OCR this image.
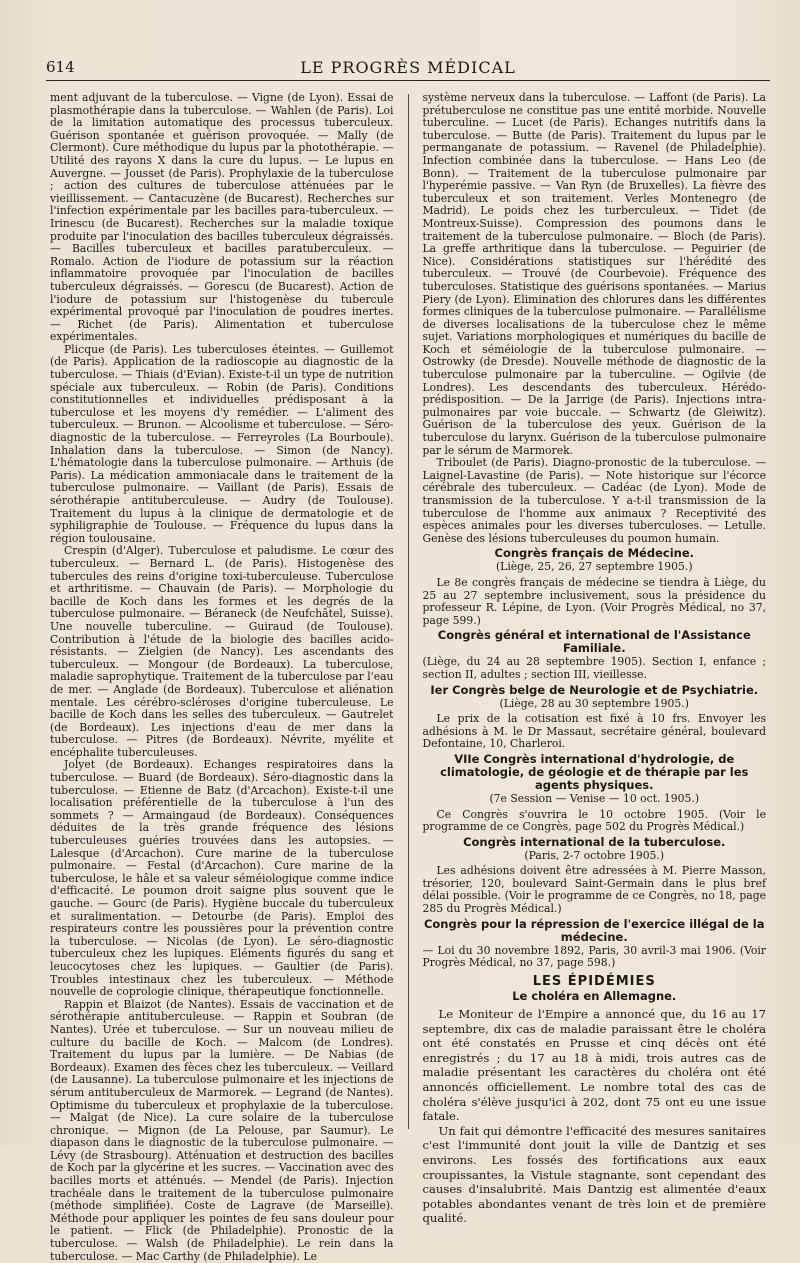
614	LE PROGRÈS MÉDICAL

ment adjuvant de la tuberculose. — Vigne (de Lyon). Essai de plasmothérapie dans la tuberculose. — Wahlen (de Paris). Loi de la limitation automatique des processus tuberculeux. Guérison spontanée et guérison provoquée. — Mally (de Clermont). Cure méthodique du lupus par la photothérapie. — Utilité des rayons X dans la cure du lupus. — Le lupus en Auvergne. — Jousset (de Paris). Prophylaxie de la tuberculose ; action des cultures de tuberculose atténuées par le vieillissement. — Cantacuzène (de Bucarest). Recherches sur l'infection expérimentale par les bacilles para-tuberculeux. — Irinescu (de Bucarest). Recherches sur la maladie toxique produite par l'inoculation des bacilles tuberculeux dégraissés. — Bacilles tuberculeux et bacilles paratuberculeux. — Romalo. Action de l'iodure de potassium sur la réaction inflammatoire provoquée par l'inoculation de bacilles tuberculeux dégraissés. — Gorescu (de Bucarest). Action de l'iodure de potassium sur l'histogenèse du tubercule expérimental provoqué par l'inoculation de poudres inertes. — Richet (de Paris). Alimentation et tuberculose expérimentales.

Plicque (de Paris). Les tuberculoses éteintes. — Guillemot (de Paris). Application de la radioscopie au diagnostic de la tuberculose. — Thiais (d'Evian). Existe-t-il un type de nutrition spéciale aux tuberculeux. — Robin (de Paris). Conditions constitutionnelles et individuelles prédisposant à la tuberculose et les moyens d'y remédier. — L'aliment des tuberculeux. — Brunon. — Alcoolisme et tuberculose. — Séro-diagnostic de la tuberculose. — Ferreyroles (La Bourboule). Inhalation dans la tuberculose. — Simon (de Nancy). L'hématologie dans la tuberculose pulmonaire. — Arthuis (de Paris). La médication ammoniacale dans le traitement de la tuberculose pulmonaire. — Vaillant (de Paris). Essais de sérothérapie antituberculeuse. — Audry (de Toulouse). Traitement du lupus à la clinique de dermatologie et de syphiligraphie de Toulouse. — Fréquence du lupus dans la région toulousaine.

Crespin (d'Alger). Tuberculose et paludisme. Le cœur des tuberculeux. — Bernard L. (de Paris). Histogenèse des tubercules des reins d'origine toxi-tuberculeuse. Tuberculose et arthritisme. — Chauvain (de Paris). — Morphologie du bacille de Koch dans les formes et les degrés de la tuberculose pulmonaire. — Béraneck (de Neufchâtel, Suisse). Une nouvelle tuberculine. — Guiraud (de Toulouse). Contribution à l'étude de la biologie des bacilles acido-résistants. — Zielgien (de Nancy). Les ascendants des tuberculeux. — Mongour (de Bordeaux). La tuberculose, maladie saprophytique. Traitement de la tuberculose par l'eau de mer. — Anglade (de Bordeaux). Tuberculose et aliénation mentale. Les cérébro-scléroses d'origine tuberculeuse. Le bacille de Koch dans les selles des tuberculeux. — Gautrelet (de Bordeaux). Les injections d'eau de mer dans la tuberculose. — Pitres (de Bordeaux). Névrite, myélite et encéphalite tuberculeuses.

Jolyet (de Bordeaux). Echanges respiratoires dans la tuberculose. — Buard (de Bordeaux). Séro-diagnostic dans la tuberculose. — Etienne de Batz (d'Arcachon). Existe-t-il une localisation préférentielle de la tuberculose à l'un des sommets ? — Armaingaud (de Bordeaux). Conséquences déduites de la très grande fréquence des lésions tuberculeuses guéries trouvées dans les autopsies. — Lalesque (d'Arcachon). Cure marine de la tuberculose pulmonaire. — Festal (d'Arcachon). Cure marine de la tuberculose, le hâle et sa valeur séméiologique comme indice d'efficacité. Le poumon droit saigne plus souvent que le gauche. — Gourc (de Paris). Hygiène buccale du tuberculeux et suralimentation. — Detourbe (de Paris). Emploi des respirateurs contre les poussières pour la prévention contre la tuberculose. — Nicolas (de Lyon). Le séro-diagnostic tuberculeux chez les lupiques. Eléments figurés du sang et leucocytoses chez les lupiques. — Gaultier (de Paris). Troubles intestinaux chez les tuberculeux. — Méthode nouvelle de coprologie clinique, thérapeutique fonctionnelle.

Rappin et Blaizot (de Nantes). Essais de vaccination et de sérothérapie antituberculeuse. — Rappin et Soubran (de Nantes). Urée et tuberculose. — Sur un nouveau milieu de culture du bacille de Koch. — Malcom (de Londres). Traitement du lupus par la lumière. — De Nabias (de Bordeaux). Examen des fèces chez les tuberculeux. — Veillard (de Lausanne). La tuberculose pulmonaire et les injections de sérum antituberculeux de Marmorek. — Legrand (de Nantes). Optimisme du tuberculeux et prophylaxie de la tuberculose. — Malgat (de Nice). La cure solaire de la tuberculose chronique. — Mignon (de La Pelouse, par Saumur). Le diapason dans le diagnostic de la tuberculose pulmonaire. — Lévy (de Strasbourg). Atténuation et destruction des bacilles de Koch par la glycérine et les sucres. — Vaccination avec des bacilles morts et atténués. — Mendel (de Paris). Injection trachéale dans le traitement de la tuberculose pulmonaire (méthode simplifiée). Coste de Lagrave (de Marseille). Méthode pour appliquer les pointes de feu sans douleur pour le patient. — Flick (de Philadelphie). Pronostic de la tuberculose. — Walsh (de Philadelphie). Le rein dans la tuberculose. — Mac Carthy (de Philadelphie). Le

système nerveux dans la tuberculose. — Laffont (de Paris). La prétuberculose ne constitue pas une entité morbide. Nouvelle tuberculine. — Lucet (de Paris). Echanges nutritifs dans la tuberculose. — Butte (de Paris). Traitement du lupus par le permanganate de potassium. — Ravenel (de Philadelphie). Infection combinée dans la tuberculose. — Hans Leo (de Bonn). — Traitement de la tuberculose pulmonaire par l'hyperémie passive. — Van Ryn (de Bruxelles). La fièvre des tuberculeux et son traitement. Verles Montenegro (de Madrid). Le poids chez les turberculeux. — Tidet (de Montreux-Suisse). Compression des poumons dans le traitement de la tuberculose pulmonaire. — Bloch (de Paris). La greffe arthritique dans la tuberculose. — Peguirier (de Nice). Considérations statistiques sur l'hérédité des tuberculeux. — Trouvé (de Courbevoie). Fréquence des tuberculoses. Statistique des guérisons spontanées. — Marius Piery (de Lyon). Elimination des chlorures dans les différentes formes cliniques de la tuberculose pulmonaire. — Parallélisme de diverses localisations de la tuberculose chez le même sujet. Variations morphologiques et numériques du bacille de Koch et séméiologie de la tuberculose pulmonaire. — Ostrowky (de Dresde). Nouvelle méthode de diagnostic de la tuberculose pulmonaire par la tuberculine. — Ogilvie (de Londres). Les descendants des tuberculeux. Hérédo-prédisposition. — De la Jarrige (de Paris). Injections intra-pulmonaires par voie buccale. — Schwartz (de Gleiwitz). Guérison de la tuberculose des yeux. Guérison de la tuberculose du larynx. Guérison de la tuberculose pulmonaire par le sérum de Marmorek.

Triboulet (de Paris). Diagno-pronostic de la tuberculose. — Laignel-Lavastine (de Paris). — Note historique sur l'écorce cérébrale des tuberculeux. — Cadéac (de Lyon). Mode de transmission de la tuberculose. Y a-t-il transmission de la tuberculose de l'homme aux animaux ? Receptivité des espèces animales pour les diverses tuberculoses. — Letulle. Genèse des lésions tuberculeuses du poumon humain.

Congrès français de Médecine.
(Liège, 25, 26, 27 septembre 1905.)

Le 8e congrès français de médecine se tiendra à Liège, du 25 au 27 septembre inclusivement, sous la présidence du professeur R. Lépine, de Lyon. (Voir Progrès Médical, no 37, page 599.)

Congrès général et international de l'Assistance Familiale.

(Liège, du 24 au 28 septembre 1905). Section I, enfance ; section II, adultes ; section III, vieillesse.

Ier Congrès belge de Neurologie et de Psychiatrie.
(Liège, 28 au 30 septembre 1905.)

Le prix de la cotisation est fixé à 10 frs. Envoyer les adhésions à M. le Dr Massaut, secrétaire général, boulevard Defontaine, 10, Charleroi.

VIIe Congrès international d'hydrologie, de climatologie, de géologie et de thérapie par les agents physiques.
(7e Session — Venise — 10 oct. 1905.)

Ce Congrès s'ouvrira le 10 octobre 1905. (Voir le programme de ce Congrès, page 502 du Progrès Médical.)

Congrès international de la tuberculose.
(Paris, 2-7 octobre 1905.)

Les adhésions doivent être adressées à M. Pierre Masson, trésorier, 120, boulevard Saint-Germain dans le plus bref délai possible. (Voir le programme de ce Congrès, no 18, page 285 du Progrès Médical.)

Congrès pour la répression de l'exercice illégal de la médecine.

— Loi du 30 novembre 1892, Paris, 30 avril-3 mai 1906. (Voir Progrès Médical, no 37, page 598.)

LES ÉPIDÉMIES
Le choléra en Allemagne.

Le Moniteur de l'Empire a annoncé que, du 16 au 17 septembre, dix cas de maladie paraissant être le choléra ont été constatés en Prusse et cinq décès ont été enregistrés ; du 17 au 18 à midi, trois autres cas de maladie présentant les caractères du choléra ont été annoncés officiellement. Le nombre total des cas de choléra s'élève jusqu'ici à 202, dont 75 ont eu une issue fatale.

Un fait qui démontre l'efficacité des mesures sanitaires c'est l'immunité dont jouit la ville de Dantzig et ses environs. Les fossés des fortifications aux eaux croupissantes, la Vistule stagnante, sont cependant des causes d'insalubrité. Mais Dantzig est alimentée d'eaux potables abondantes venant de très loin et de première qualité.
